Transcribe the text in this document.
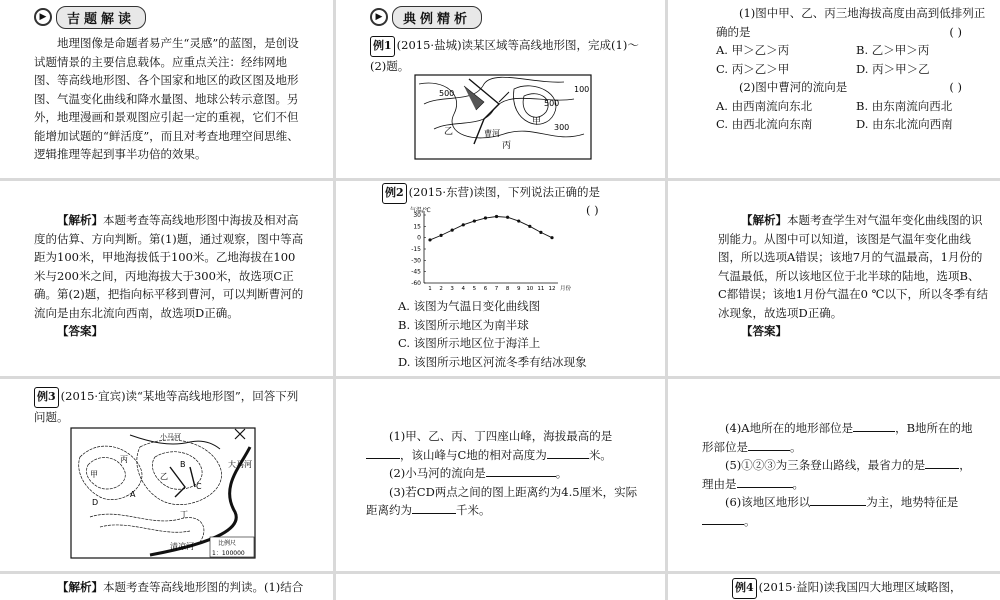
▶	吉题解读

地理图像是命题者易产生“灵感”的蓝图，是创设试题情景的主要信息载体。应重点关注：经纬网地图、等高线地形图、各个国家和地区的政区图及地形图、气温变化曲线和降水量图、地球公转示意图。另外，地理漫画和景观图应引起一定的重视，它们不但能增加试题的“鲜活度”，而且对考查地理空间思维、逻辑推理等起到事半功倍的效果。

▶	典例精析
例1 (2015·盐城)读某区域等高线地形图，完成(1)～(2)题。
500
500
300
100
丙
甲
乙	曹河
(1)图中甲、乙、丙三地海拔高度由高到低排列正确的是	( )
A. 甲＞乙＞丙	B. 乙＞甲＞丙
C. 丙＞乙＞甲	D. 丙＞甲＞乙
(2)图中曹河的流向是	( )
A. 由西南流向东北	B. 由东南流向西北
C. 由西北流向东南	D. 由东北流向西南

【解析】本题考查等高线地形图中海拔及相对高度的估算、方向判断。第(1)题，通过观察，图中等高距为100米，甲地海拔低于100米。乙地海拔在100米与200米之间，丙地海拔大于300米，故选项C正确。第(2)题，把指向标平移到曹河，可以判断曹河的流向是由东北流向西南，故选项D正确。

【答案】

例2 (2015·东营)读图，下列说法正确的是
( )
气温/℃
30
15
0
-15
-30
-45
-60
1 2 3 4 5 6 7 8 9 10 11 12 月份
A. 该图为气温日变化曲线图
B. 该图所示地区为南半球
C. 该图所示地区位于海洋上
D. 该图所示地区河流冬季有结冰现象

【解析】本题考查学生对气温年变化曲线图的识别能力。从图中可以知道，该图是气温年变化曲线图，所以选项A错误；该地7月的气温最高，1月份的气温最低，所以该地区位于北半球的陆地，选项B、C都错误；该地1月份气温在0 ℃以下，所以冬季有结冰现象，故选项D正确。

【答案】

例3 (2015·宜宾)读“某地等高线地形图”，回答下列问题。
小马河
大马河
清凉河
甲	乙
丙
丁
A
B
C
D
比例尺
1：100000
(1)甲、乙、丙、丁四座山峰，海拔最高的是，该山峰与C地的相对高度为	米。
(2)小马河的流向是	。
(3)若CD两点之间的图上距离约为4.5厘米，实际距离约为	千米。
(4)A地所在的地形部位是	，B地所在的地形部位是	。
(5)①②③为三条登山路线，最省力的是	，理由是	。
(6)该地区地形以	为主，地势特征是。

【解析】本题考查等高线地形图的判读。(1)结合	例4 (2015·益阳)读我国四大地理区域略图，
